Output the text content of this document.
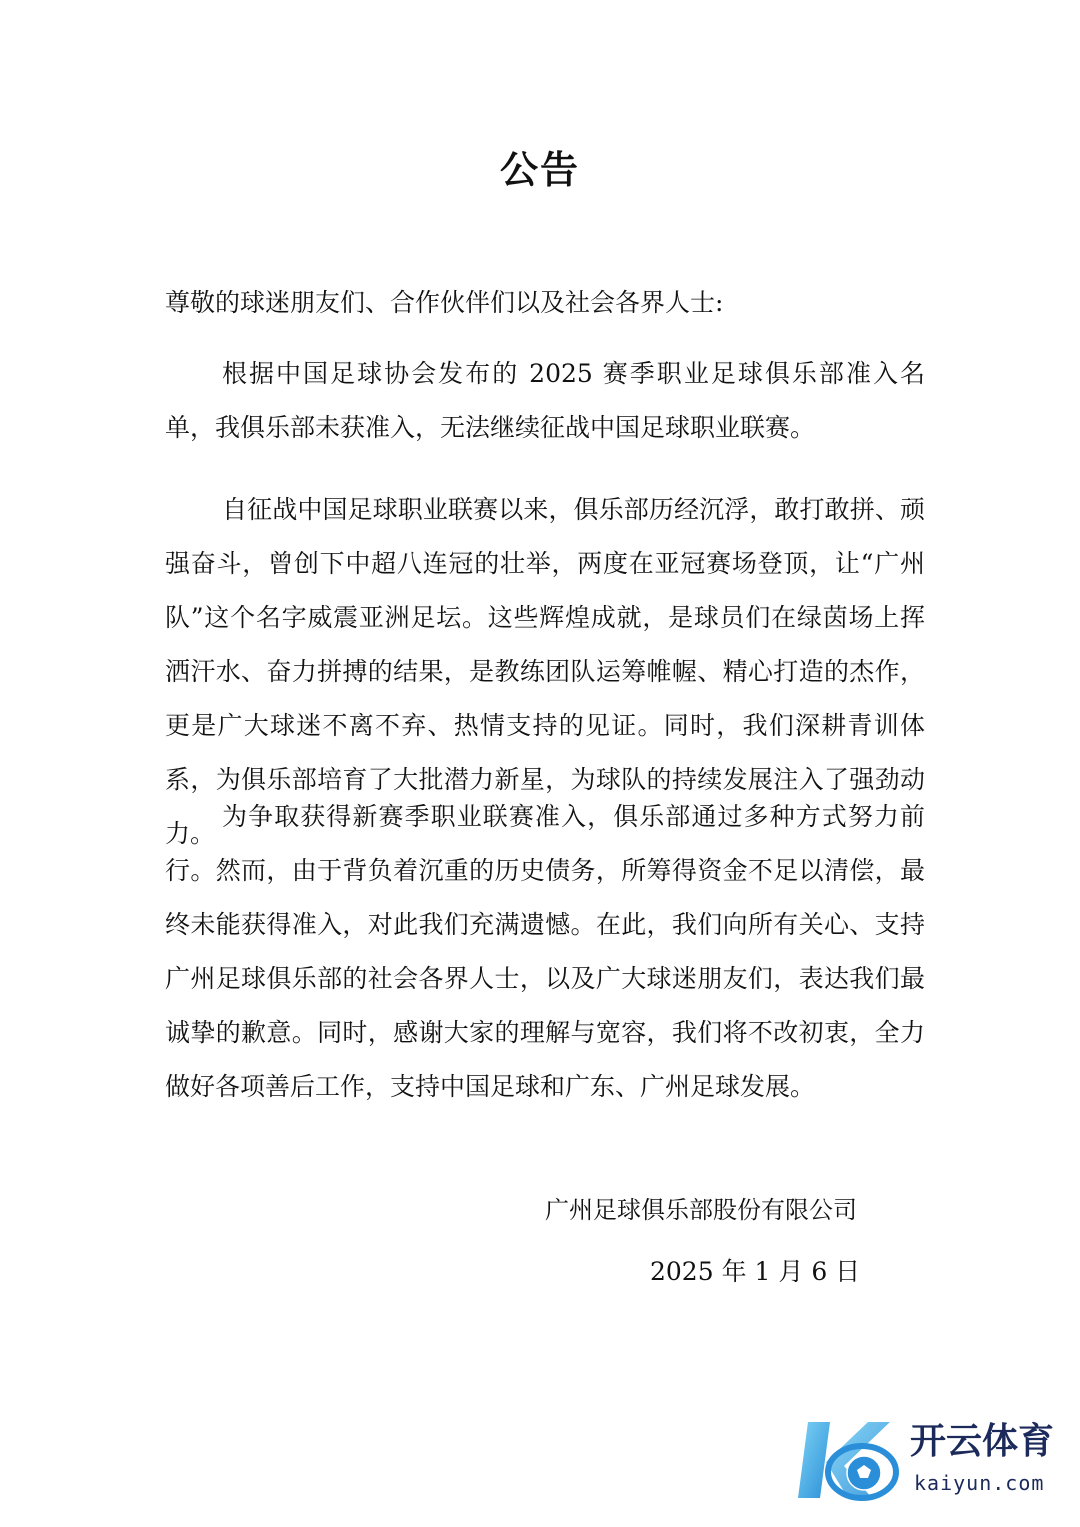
公告
尊敬的球迷朋友们、合作伙伴们以及社会各界人士:

根据中国足球协会发布的 2025 赛季职业足球俱乐部准入名单，我俱乐部未获准入，无法继续征战中国足球职业联赛。

自征战中国足球职业联赛以来，俱乐部历经沉浮，敢打敢拼、顽强奋斗，曾创下中超八连冠的壮举，两度在亚冠赛场登顶，让“广州队”这个名字威震亚洲足坛。这些辉煌成就，是球员们在绿茵场上挥洒汗水、奋力拼搏的结果，是教练团队运筹帷幄、精心打造的杰作，更是广大球迷不离不弃、热情支持的见证。同时，我们深耕青训体系，为俱乐部培育了大批潜力新星，为球队的持续发展注入了强劲动力。

为争取获得新赛季职业联赛准入，俱乐部通过多种方式努力前行。然而，由于背负着沉重的历史债务，所筹得资金不足以清偿，最终未能获得准入，对此我们充满遗憾。在此，我们向所有关心、支持广州足球俱乐部的社会各界人士，以及广大球迷朋友们，表达我们最诚挚的歉意。同时，感谢大家的理解与宽容，我们将不改初衷，全力做好各项善后工作，支持中国足球和广东、广州足球发展。

广州足球俱乐部股份有限公司
2025 年 1 月 6 日
开云体育
kaiyun.com
